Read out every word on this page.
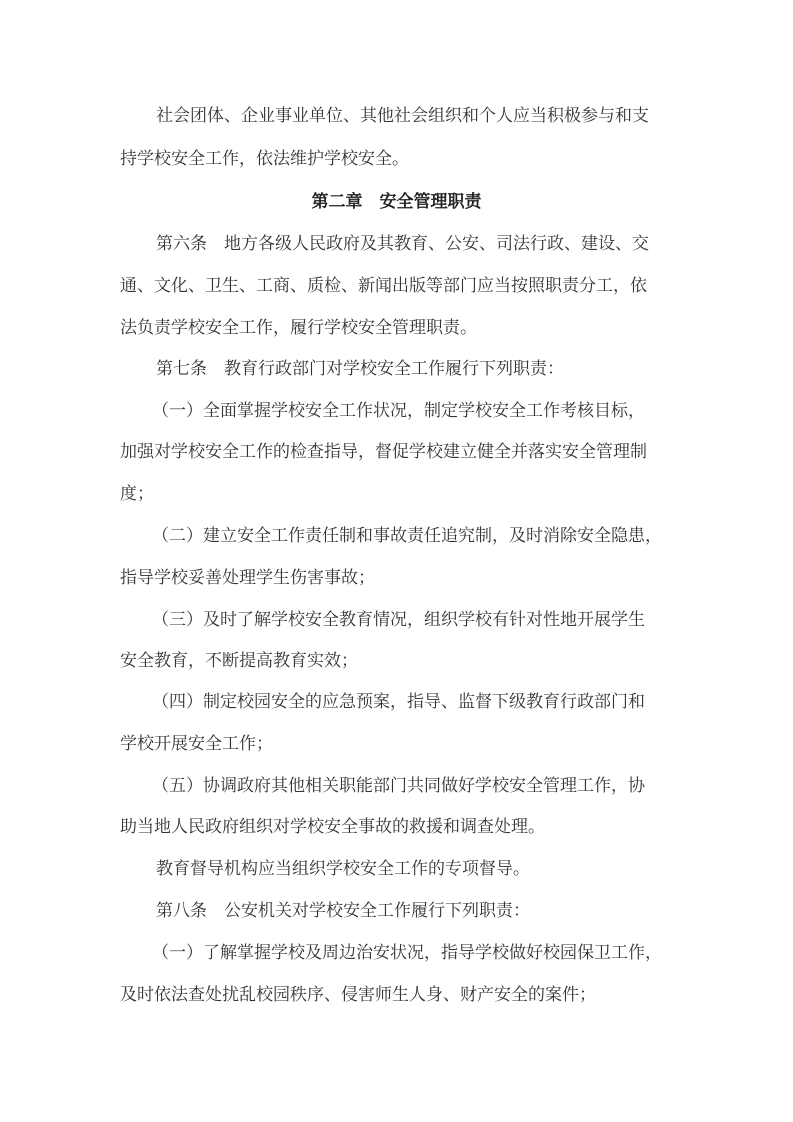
社会团体、企业事业单位、其他社会组织和个人应当积极参与和支
持学校安全工作，依法维护学校安全。
第二章　安全管理职责
第六条　地方各级人民政府及其教育、公安、司法行政、建设、交
通、文化、卫生、工商、质检、新闻出版等部门应当按照职责分工，依
法负责学校安全工作，履行学校安全管理职责。
第七条　教育行政部门对学校安全工作履行下列职责：
（一）全面掌握学校安全工作状况，制定学校安全工作考核目标，
加强对学校安全工作的检查指导，督促学校建立健全并落实安全管理制
度；
（二）建立安全工作责任制和事故责任追究制，及时消除安全隐患，
指导学校妥善处理学生伤害事故；
（三）及时了解学校安全教育情况，组织学校有针对性地开展学生
安全教育，不断提高教育实效；
（四）制定校园安全的应急预案，指导、监督下级教育行政部门和
学校开展安全工作；
（五）协调政府其他相关职能部门共同做好学校安全管理工作，协
助当地人民政府组织对学校安全事故的救援和调查处理。
教育督导机构应当组织学校安全工作的专项督导。
第八条　公安机关对学校安全工作履行下列职责：
（一）了解掌握学校及周边治安状况，指导学校做好校园保卫工作，
及时依法查处扰乱校园秩序、侵害师生人身、财产安全的案件；
